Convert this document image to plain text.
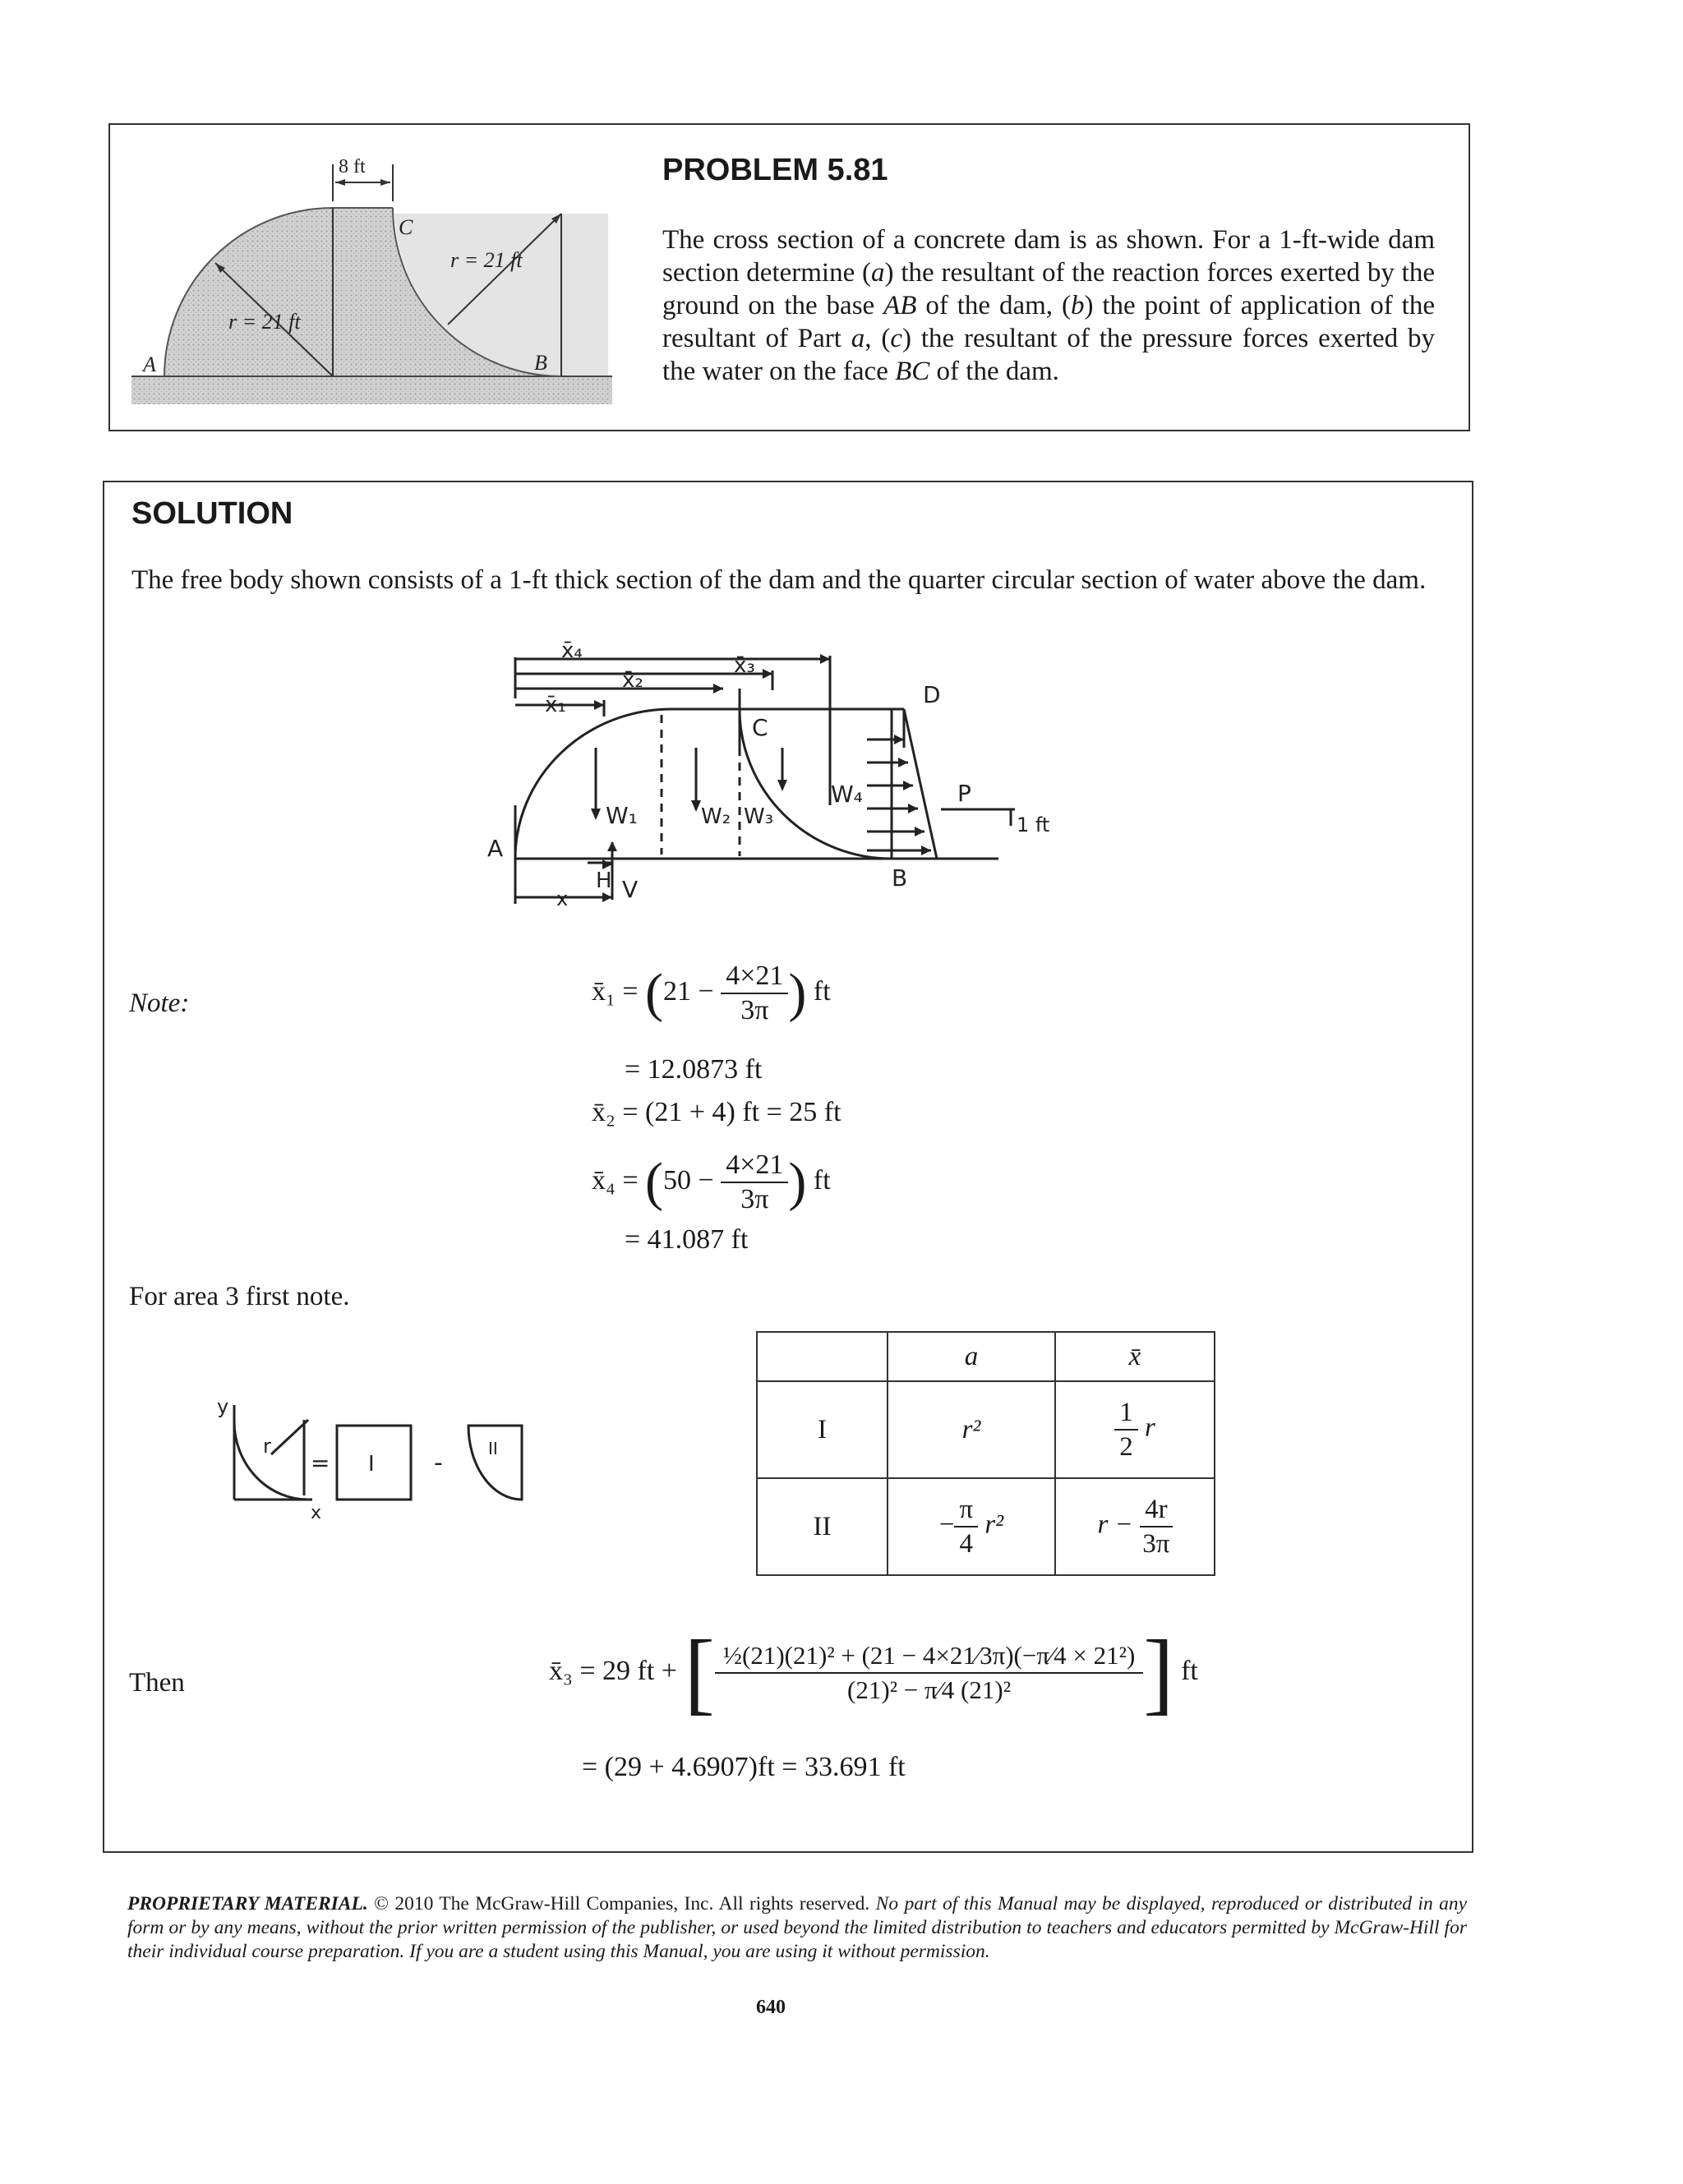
8 ft
r = 21 ft
r = 21 ft
A	B
C
PROBLEM 5.81
The cross section of a concrete dam is as shown. For a 1-ft-wide dam section determine (a) the resultant of the reaction forces exerted by the ground on the base AB of the dam, (b) the point of application of the resultant of Part a, (c) the resultant of the pressure forces exerted by the water on the face BC of the dam.
SOLUTION
The free body shown consists of a 1-ft thick section of the dam and the quarter circular section of water above the dam.
x̄₄
x̄₂
x̄₃
x̄₁
C
D
A
B
W₁	W₂ W₃
W₄	P
1 ft
H V
x
Note:	x̄₁ = ($21 - \frac{4\times 21}{3\pi}$ ) ft
= 12.0873 ft
x̄₂ = (21 + 4) ft = 25 ft
x̄₄ = ($50 - \frac{4\times 21}{3\pi}$ ) ft
= 41.087 ft
For area 3 first note.
y
r
x
=	-
I
II
	a	x̄
I	r²	$\frac{1}{2}$ r
II	− $\frac{\pi}{4} r^2$	$r - \frac{4r}{3\pi}$
Then	x̄₃ = 29 ft + [ $\frac{\text{½(21)(21)² + (21 − 4×21⁄3π)(−π⁄4 × 21²)}}{\text{(21)² − π⁄4 (21)²}}$ ] ft
= (29 + 4.6907)ft = 33.691 ft
PROPRIETARY MATERIAL. © 2010 The McGraw-Hill Companies, Inc. All rights reserved. No part of this Manual may be displayed, reproduced or distributed in any form or by any means, without the prior written permission of the publisher, or used beyond the limited distribution to teachers and educators permitted by McGraw-Hill for their individual course preparation. If you are a student using this Manual, you are using it without permission.
640
